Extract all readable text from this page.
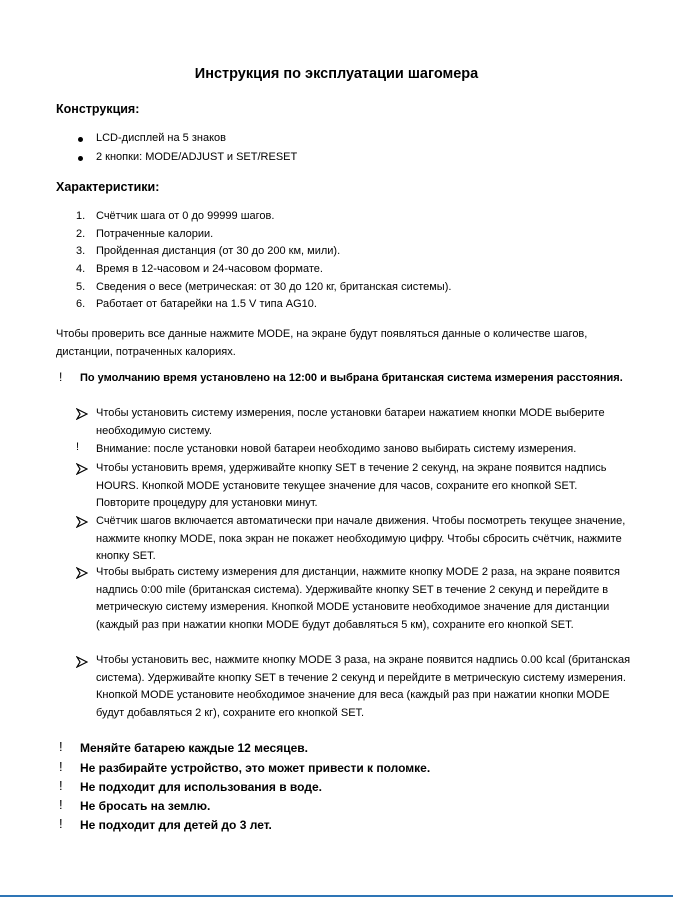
Инструкция по эксплуатации шагомера
Конструкция:
LCD-дисплей на 5 знаков
2 кнопки: MODE/ADJUST и SET/RESET
Характеристики:
1. Счётчик шага от 0 до 99999 шагов.
2. Потраченные калории.
3. Пройденная дистанция (от 30 до 200 км, мили).
4. Время в 12-часовом и 24-часовом формате.
5. Сведения о весе (метрическая: от 30 до 120 кг, британская системы).
6. Работает от батарейки на 1.5 V типа AG10.
Чтобы проверить все данные нажмите MODE, на экране будут появляться данные о количестве шагов, дистанции, потраченных калориях.
! По умолчанию время установлено на 12:00 и выбрана британская система измерения расстояния.
Чтобы установить систему измерения, после установки батареи нажатием кнопки MODE выберите необходимую систему.
! Внимание: после установки новой батареи необходимо заново выбирать систему измерения.
Чтобы установить время, удерживайте кнопку SET в течение 2 секунд, на экране появится надпись HOURS. Кнопкой MODE установите текущее значение для часов, сохраните его кнопкой SET. Повторите процедуру для установки минут.
Счётчик шагов включается автоматически при начале движения. Чтобы посмотреть текущее значение, нажмите кнопку MODE, пока экран не покажет необходимую цифру. Чтобы сбросить счётчик, нажмите кнопку SET.
Чтобы выбрать систему измерения для дистанции, нажмите кнопку MODE 2 раза, на экране появится надпись 0:00 mile (британская система). Удерживайте кнопку SET в течение 2 секунд и перейдите в метрическую систему измерения. Кнопкой MODE установите необходимое значение для дистанции (каждый раз при нажатии кнопки MODE будут добавляться 5 км), сохраните его кнопкой SET.
Чтобы установить вес, нажмите кнопку MODE 3 раза, на экране появится надпись 0.00 kcal (британская система). Удерживайте кнопку SET в течение 2 секунд и перейдите в метрическую систему измерения. Кнопкой MODE установите необходимое значение для веса (каждый раз при нажатии кнопки MODE будут добавляться 2 кг), сохраните его кнопкой SET.
! Меняйте батарею каждые 12 месяцев.
! Не разбирайте устройство, это может привести к поломке.
! Не подходит для использования в воде.
! Не бросать на землю.
! Не подходит для детей до 3 лет.
